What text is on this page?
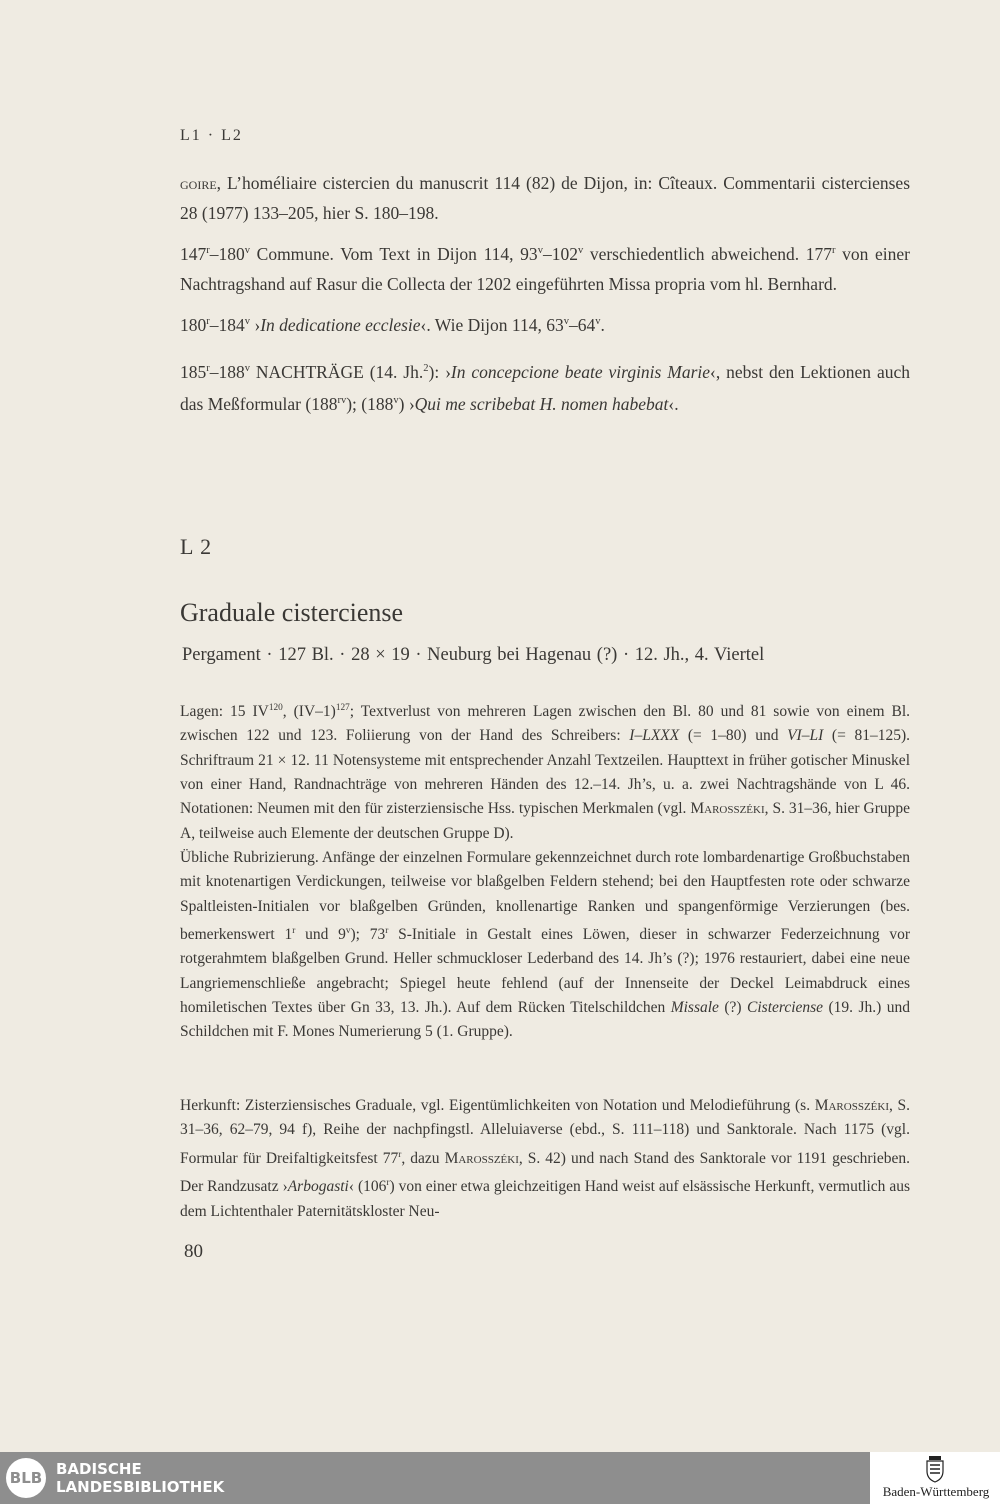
L1 · L2

goire, L’homéliaire cistercien du manuscrit 114 (82) de Dijon, in: Cîteaux. Commentarii cistercienses 28 (1977) 133–205, hier S. 180–198.

147$^r$–180$^v$ Commune. Vom Text in Dijon 114, 93$^v$–102$^v$ verschiedentlich abweichend. 177$^r$ von einer Nachtragshand auf Rasur die Collecta der 1202 eingeführten Missa propria vom hl. Bernhard.

180$^r$–184$^v$ ›In dedicatione ecclesie‹. Wie Dijon 114, 63$^v$–64$^v$.

185$^r$–188$^v$ NACHTRÄGE (14. Jh.$^2$): ›In concepcione beate virginis Marie‹, nebst den Lektionen auch das Meßformular $(188^{rv})$; (188$^v$) ›Qui me scribebat H. nomen habebat‹.

L 2
Graduale cisterciense
Pergament · 127 Bl. · 28 × 19 · Neuburg bei Hagenau (?) · 12. Jh., 4. Viertel

Lagen: 15 IV$^{120}$, $(IV-1)^{127}$; Textverlust von mehreren Lagen zwischen den Bl. 80 und 81 sowie von einem Bl. zwischen 122 und 123. Foliierung von der Hand des Schreibers: I–LXXX (= 1–80) und VI–LI (= 81–125). Schriftraum 21 × 12. 11 Notensysteme mit entsprechender Anzahl Textzeilen. Haupttext in früher gotischer Minuskel von einer Hand, Randnachträge von mehreren Händen des 12.–14. Jh’s, u. a. zwei Nachtragshände von L 46. Notationen: Neumen mit den für zisterziensische Hss. typischen Merkmalen (vgl. Marosszéki, S. 31–36, hier Gruppe A, teilweise auch Elemente der deutschen Gruppe D).

Übliche Rubrizierung. Anfänge der einzelnen Formulare gekennzeichnet durch rote lombardenartige Großbuchstaben mit knotenartigen Verdickungen, teilweise vor blaßgelben Feldern stehend; bei den Hauptfesten rote oder schwarze Spaltleisten-Initialen vor blaßgelben Gründen, knollenartige Ranken und spangenförmige Verzierungen (bes. bemerkenswert 1$^r$ und 9$^v$); 73$^r$ S-Initiale in Gestalt eines Löwen, dieser in schwarzer Federzeichnung vor rotgerahmtem blaßgelben Grund. Heller schmuckloser Lederband des 14. Jh’s (?); 1976 restauriert, dabei eine neue Langriemenschließe angebracht; Spiegel heute fehlend (auf der Innenseite der Deckel Leimabdruck eines homiletischen Textes über Gn 33, 13. Jh.). Auf dem Rücken Titelschildchen Missale (?) Cisterciense (19. Jh.) und Schildchen mit F. Mones Numerierung 5 (1. Gruppe).

Herkunft: Zisterziensisches Graduale, vgl. Eigentümlichkeiten von Notation und Melodieführung (s. Marosszéki, S. 31–36, 62–79, 94 f), Reihe der nachpfingstl. Alleluiaverse (ebd., S. 111–118) und Sanktorale. Nach 1175 (vgl. Formular für Dreifaltigkeitsfest 77$^r$, dazu Marosszéki, S. 42) und nach Stand des Sanktorale vor 1191 geschrieben. Der Randzusatz ›Arbogasti‹ (106$^r$) von einer etwa gleichzeitigen Hand weist auf elsässische Herkunft, vermutlich aus dem Lichtenthaler Paternitätskloster Neu-

80
BLB BADISCHE
LANDESBIBLIOTHEK	Baden-Württemberg
